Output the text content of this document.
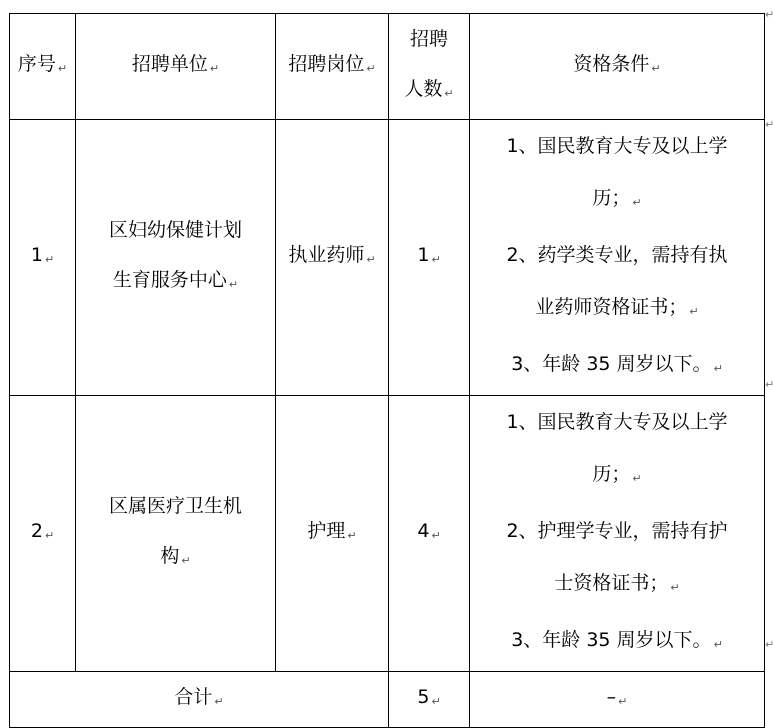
序号 ↵	招聘单位 ↵	招聘岗位 ↵	招聘
人数 ↵	资格条件 ↵
1 ↵	区妇幼保健计划
生育服务中心 ↵	执业药师 ↵	1 ↵	1、国民教育大专及以上学
历； ↵
2、药学类专业，需持有执
业药师资格证书； ↵
3、年龄 35 周岁以下。 ↵

2 ↵	区属医疗卫生机
构 ↵	护理 ↵	4 ↵	1、国民教育大专及以上学
历； ↵
2、护理学专业，需持有护
士资格证书； ↵
3、年龄 35 周岁以下。 ↵

合计 ↵			5 ↵	– ↵
↵
↵
↵
↵
